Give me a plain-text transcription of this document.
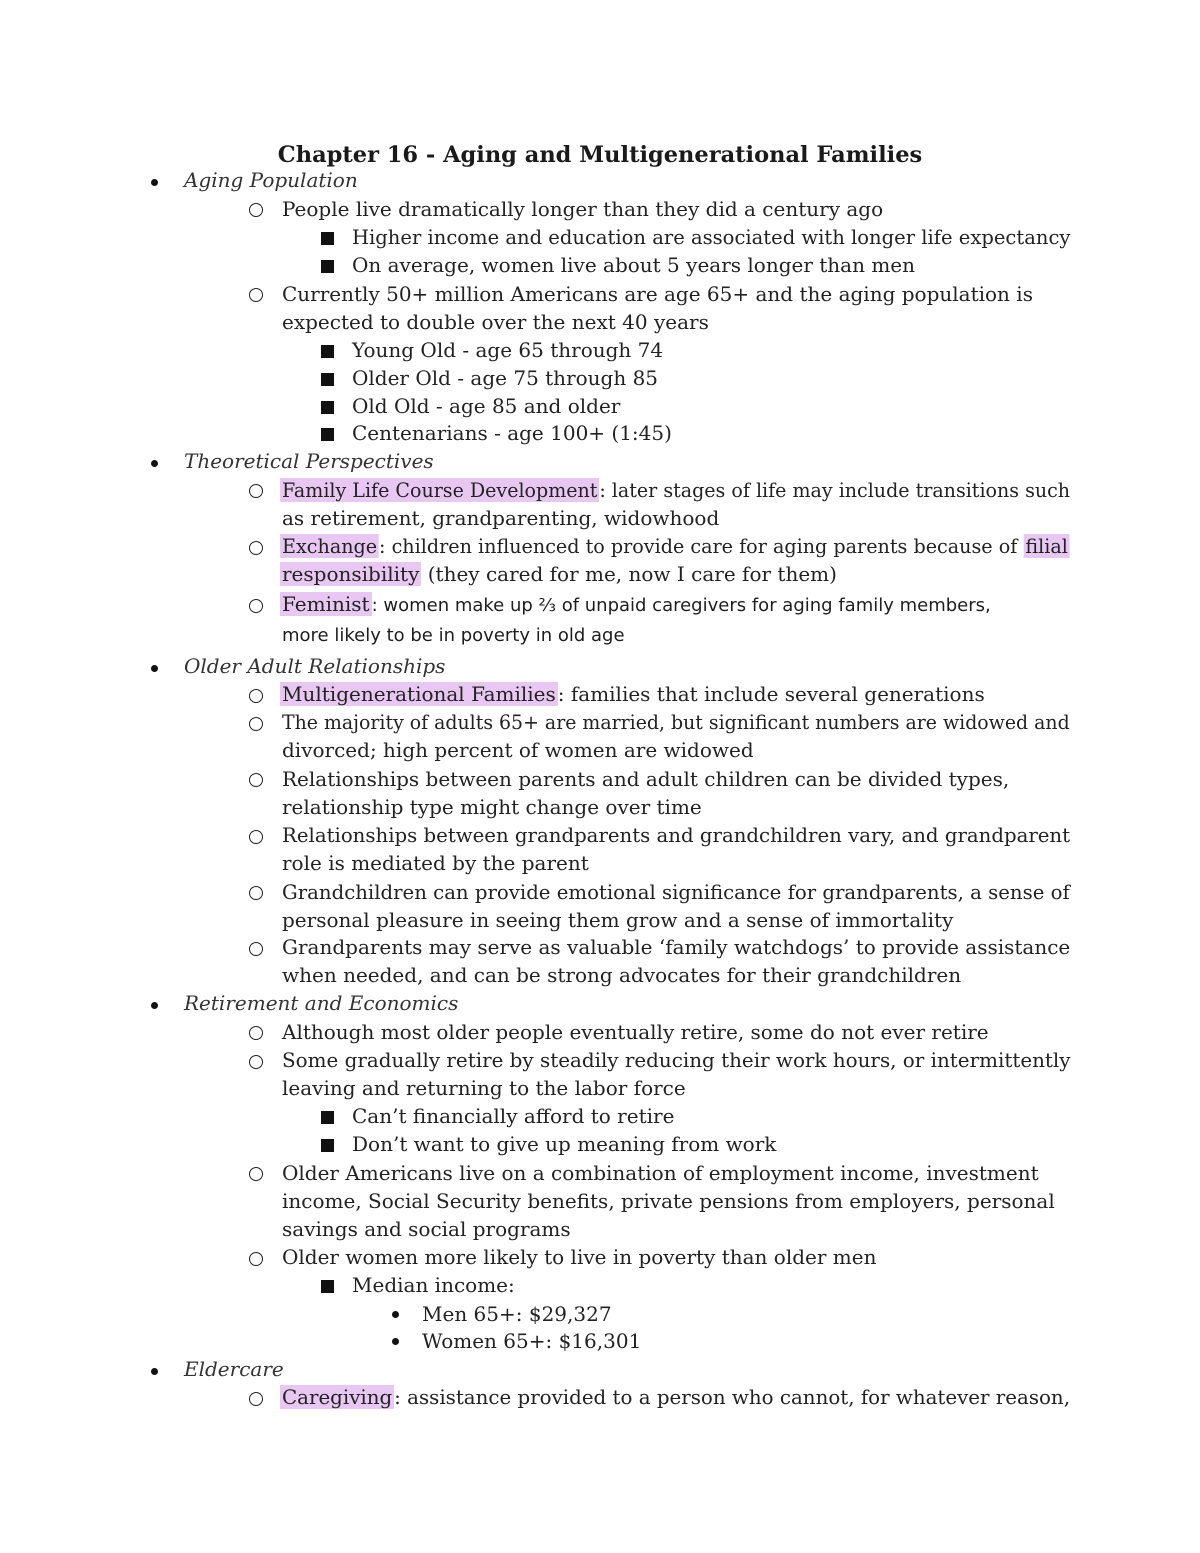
Chapter 16 - Aging and Multigenerational Families
Aging Population
People live dramatically longer than they did a century ago
Higher income and education are associated with longer life expectancy
On average, women live about 5 years longer than men
Currently 50+ million Americans are age 65+ and the aging population is
expected to double over the next 40 years
Young Old - age 65 through 74
Older Old - age 75 through 85
Old Old - age 85 and older
Centenarians - age 100+ (1:45)
Theoretical Perspectives
Family Life Course Development: later stages of life may include transitions such
as retirement, grandparenting, widowhood
Exchange: children influenced to provide care for aging parents because of filial
responsibility (they cared for me, now I care for them)
Feminist : women make up ⅔ of unpaid caregivers for aging family members,
more likely to be in poverty in old age
Older Adult Relationships
Multigenerational Families : families that include several generations
The majority of adults 65+ are married, but significant numbers are widowed and
divorced; high percent of women are widowed
Relationships between parents and adult children can be divided types,
relationship type might change over time
Relationships between grandparents and grandchildren vary, and grandparent
role is mediated by the parent
Grandchildren can provide emotional significance for grandparents, a sense of
personal pleasure in seeing them grow and a sense of immortality
Grandparents may serve as valuable ‘family watchdogs’ to provide assistance
when needed, and can be strong advocates for their grandchildren
Retirement and Economics
Although most older people eventually retire, some do not ever retire
Some gradually retire by steadily reducing their work hours, or intermittently
leaving and returning to the labor force
Can’t financially afford to retire
Don’t want to give up meaning from work
Older Americans live on a combination of employment income, investment
income, Social Security benefits, private pensions from employers, personal
savings and social programs
Older women more likely to live in poverty than older men
Median income:
Men 65+: $29,327
Women 65+: $16,301
Eldercare
Caregiving: assistance provided to a person who cannot, for whatever reason,
